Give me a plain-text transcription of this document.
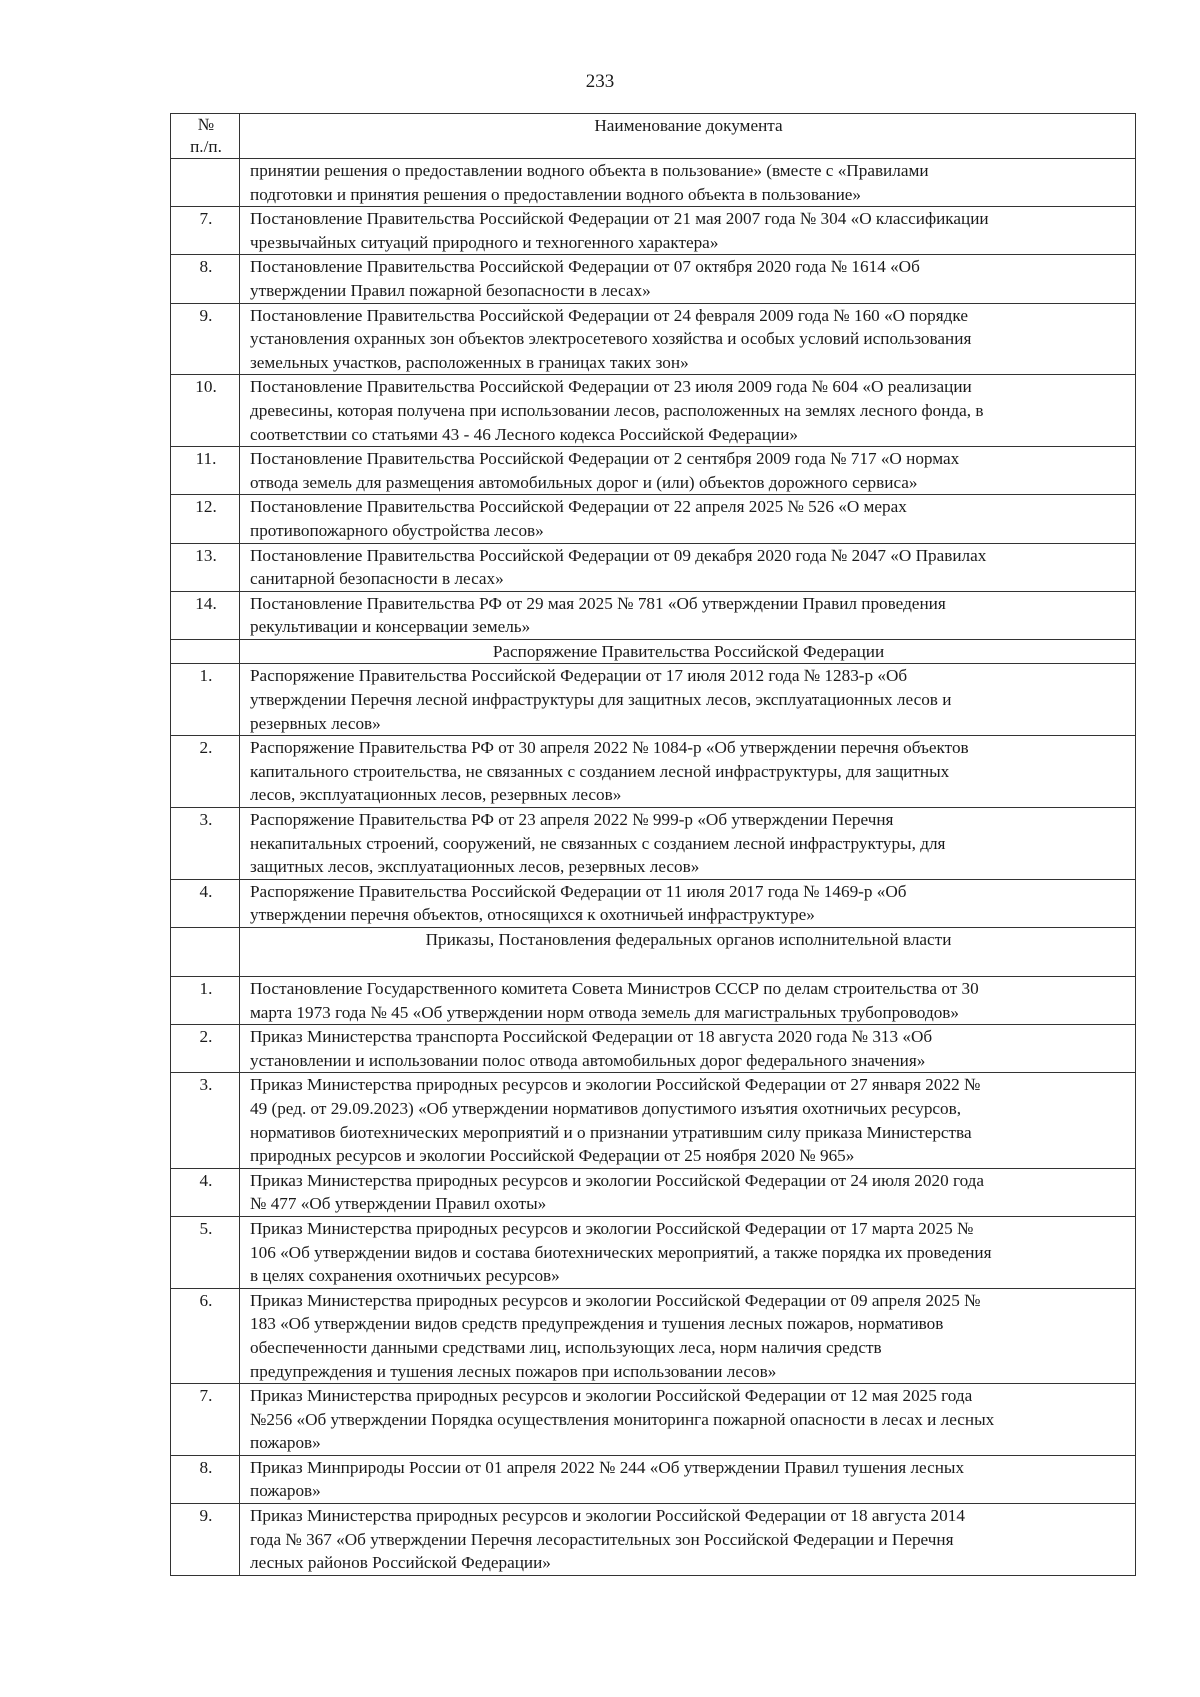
233
№
п./п.	Наименование документа
	принятии решения о предоставлении водного объекта в пользование» (вместе с «Правилами
подготовки и принятия решения о предоставлении водного объекта в пользование»
7.	Постановление Правительства Российской Федерации от 21 мая 2007 года № 304 «О классификации
чрезвычайных ситуаций природного и техногенного характера»
8.	Постановление Правительства Российской Федерации от 07 октября 2020 года № 1614 «Об
утверждении Правил пожарной безопасности в лесах»
9.	Постановление Правительства Российской Федерации от 24 февраля 2009 года № 160 «О порядке
установления охранных зон объектов электросетевого хозяйства и особых условий использования
земельных участков, расположенных в границах таких зон»
10.	Постановление Правительства Российской Федерации от 23 июля 2009 года № 604 «О реализации
древесины, которая получена при использовании лесов, расположенных на землях лесного фонда, в
соответствии со статьями 43 - 46 Лесного кодекса Российской Федерации»
11.	Постановление Правительства Российской Федерации от 2 сентября 2009 года № 717 «О нормах
отвода земель для размещения автомобильных дорог и (или) объектов дорожного сервиса»
12.	Постановление Правительства Российской Федерации от 22 апреля 2025 № 526 «О мерах
противопожарного обустройства лесов»
13.	Постановление Правительства Российской Федерации от 09 декабря 2020 года № 2047 «О Правилах
санитарной безопасности в лесах»
14.	Постановление Правительства РФ от 29 мая 2025 № 781 «Об утверждении Правил проведения
рекультивации и консервации земель»
	Распоряжение Правительства Российской Федерации
1.	Распоряжение Правительства Российской Федерации от 17 июля 2012 года № 1283-р «Об
утверждении Перечня лесной инфраструктуры для защитных лесов, эксплуатационных лесов и
резервных лесов»
2.	Распоряжение Правительства РФ от 30 апреля 2022 № 1084-р «Об утверждении перечня объектов
капитального строительства, не связанных с созданием лесной инфраструктуры, для защитных
лесов, эксплуатационных лесов, резервных лесов»
3.	Распоряжение Правительства РФ от 23 апреля 2022 № 999-р «Об утверждении Перечня
некапитальных строений, сооружений, не связанных с созданием лесной инфраструктуры, для
защитных лесов, эксплуатационных лесов, резервных лесов»
4.	Распоряжение Правительства Российской Федерации от 11 июля 2017 года № 1469-р «Об
утверждении перечня объектов, относящихся к охотничьей инфраструктуре»
	Приказы, Постановления федеральных органов исполнительной власти
1.	Постановление Государственного комитета Совета Министров СССР по делам строительства от 30
марта 1973 года № 45 «Об утверждении норм отвода земель для магистральных трубопроводов»
2.	Приказ Министерства транспорта Российской Федерации от 18 августа 2020 года № 313 «Об
установлении и использовании полос отвода автомобильных дорог федерального значения»
3.	Приказ Министерства природных ресурсов и экологии Российской Федерации от 27 января 2022 №
49 (ред. от 29.09.2023) «Об утверждении нормативов допустимого изъятия охотничьих ресурсов,
нормативов биотехнических мероприятий и о признании утратившим силу приказа Министерства
природных ресурсов и экологии Российской Федерации от 25 ноября 2020 № 965»
4.	Приказ Министерства природных ресурсов и экологии Российской Федерации от 24 июля 2020 года
№ 477 «Об утверждении Правил охоты»
5.	Приказ Министерства природных ресурсов и экологии Российской Федерации от 17 марта 2025 №
106 «Об утверждении видов и состава биотехнических мероприятий, а также порядка их проведения
в целях сохранения охотничьих ресурсов»
6.	Приказ Министерства природных ресурсов и экологии Российской Федерации от 09 апреля 2025 №
183 «Об утверждении видов средств предупреждения и тушения лесных пожаров, нормативов
обеспеченности данными средствами лиц, использующих леса, норм наличия средств
предупреждения и тушения лесных пожаров при использовании лесов»
7.	Приказ Министерства природных ресурсов и экологии Российской Федерации от 12 мая 2025 года
№256 «Об утверждении Порядка осуществления мониторинга пожарной опасности в лесах и лесных
пожаров»
8.	Приказ Минприроды России от 01 апреля 2022 № 244 «Об утверждении Правил тушения лесных
пожаров»
9.	Приказ Министерства природных ресурсов и экологии Российской Федерации от 18 августа 2014
года № 367 «Об утверждении Перечня лесорастительных зон Российской Федерации и Перечня
лесных районов Российской Федерации»
